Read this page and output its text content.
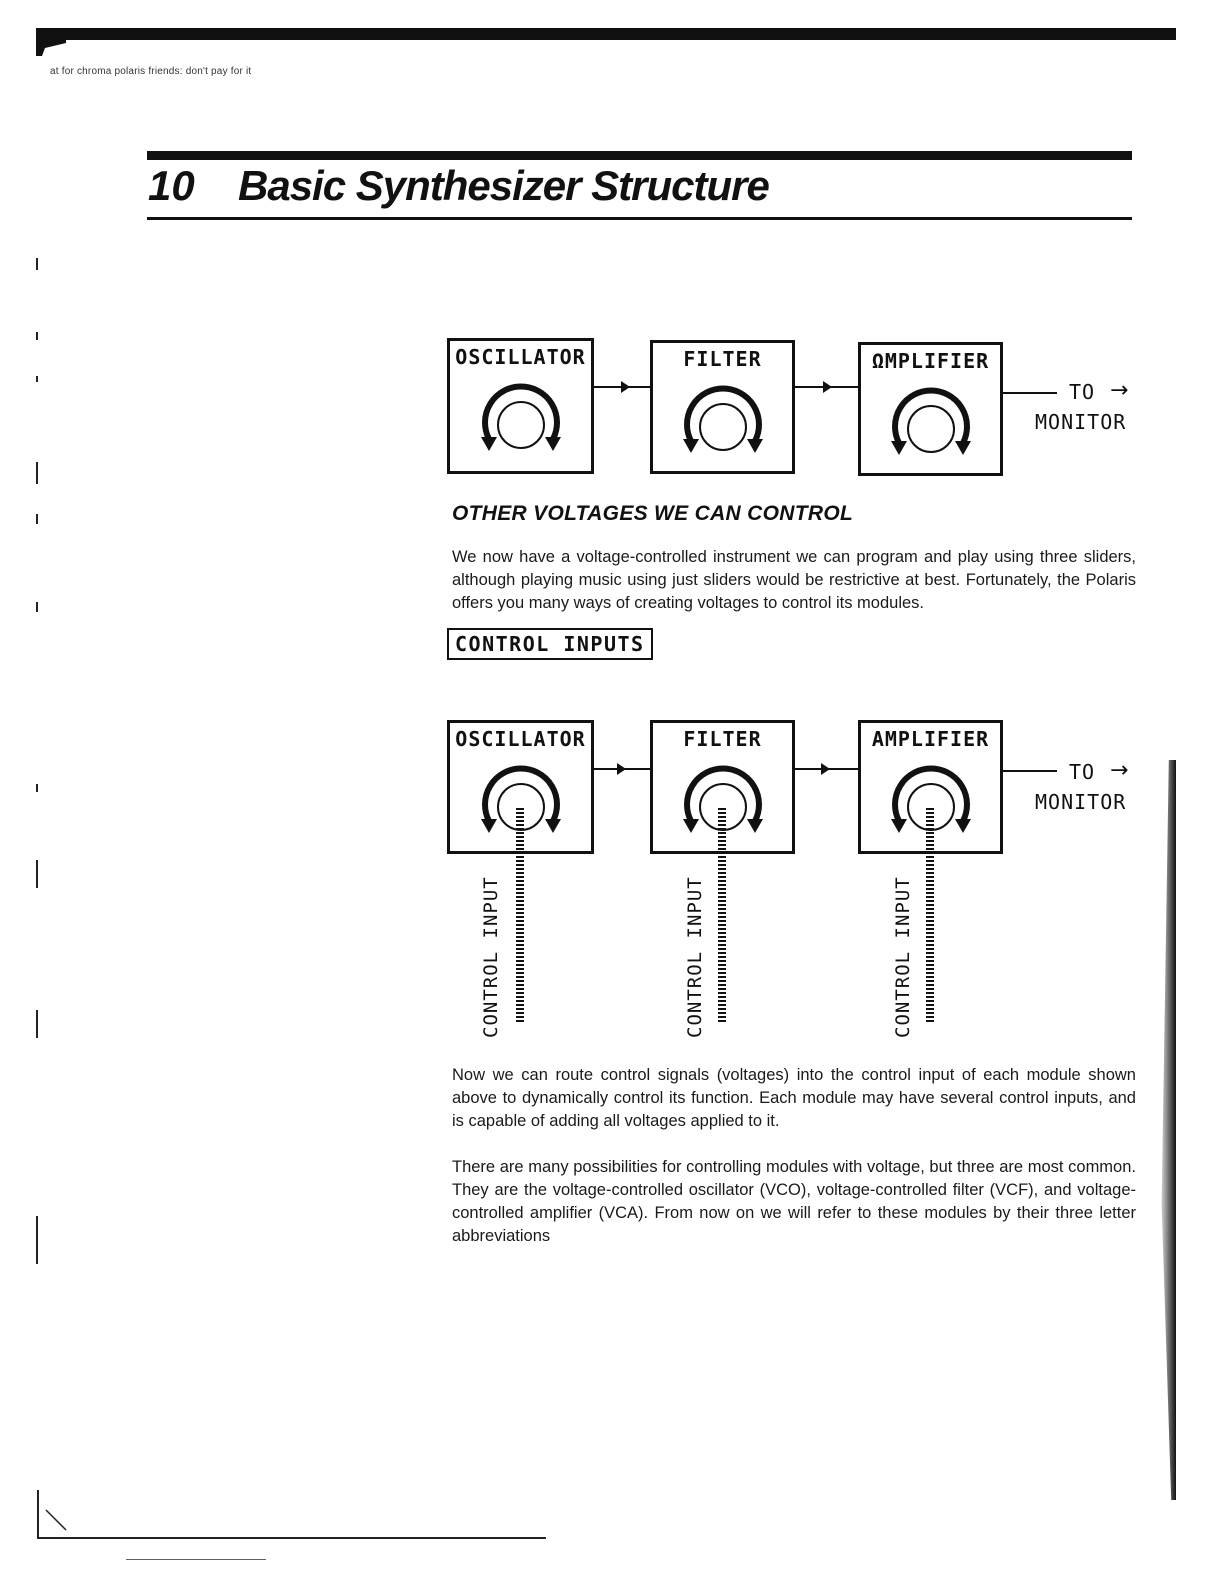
at for chroma polaris friends: don't pay for it
10 Basic Synthesizer Structure
OSCILLATOR	FILTER	ΩMPLIFIER
TO →
MONITOR
OTHER VOLTAGES WE CAN CONTROL
We now have a voltage-controlled instrument we can program and play using three sliders, although playing music using just sliders would be restrictive at best. Fortunately, the Polaris offers you many ways of creating voltages to control its modules.
CONTROL INPUTS
OSCILLATOR	FILTER	AMPLIFIER
TO →
MONITOR
CONTROL INPUT	CONTROL INPUT	CONTROL INPUT
Now we can route control signals (voltages) into the control input of each module shown above to dynamically control its function. Each module may have several control inputs, and is capable of adding all voltages applied to it.
There are many possibilities for controlling modules with voltage, but three are most common. They are the voltage-controlled oscillator (VCO), voltage-controlled filter (VCF), and voltage-controlled amplifier (VCA). From now on we will refer to these modules by their three letter abbreviations
